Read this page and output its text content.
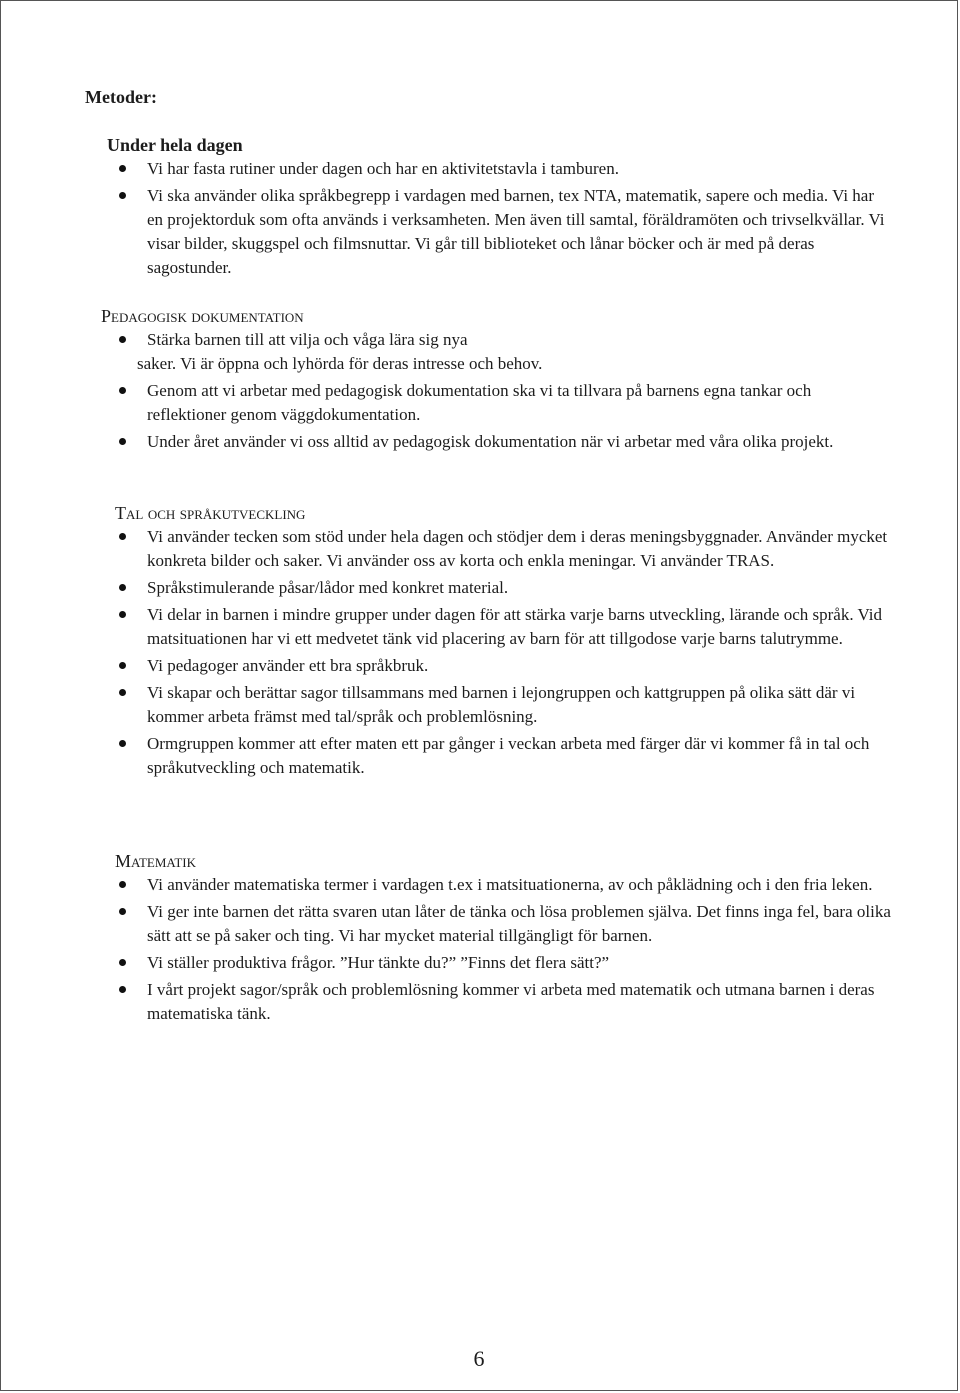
Metoder:
Under hela dagen
Vi har fasta rutiner under dagen och har en aktivitetstavla i tamburen.
Vi ska använder olika språkbegrepp i vardagen med barnen, tex NTA, matematik, sapere och media. Vi har en projektorduk som ofta används i verksamheten. Men även till samtal, föräldramöten och trivselkvällar. Vi visar bilder, skuggspel och filmsnuttar. Vi går till biblioteket och lånar böcker och är med på deras sagostunder.
Pedagogisk dokumentation
Stärka barnen till att vilja och våga lära sig nya
saker. Vi är öppna och lyhörda för deras intresse och behov.
Genom att vi arbetar med pedagogisk dokumentation ska vi ta tillvara på barnens egna tankar och reflektioner genom väggdokumentation.
Under året använder vi oss alltid av pedagogisk dokumentation när vi arbetar med våra olika projekt.
Tal och språkutveckling
Vi använder tecken som stöd under hela dagen och stödjer dem i deras meningsbyggnader. Använder mycket konkreta bilder och saker. Vi använder oss av korta och enkla meningar. Vi använder TRAS.
Språkstimulerande påsar/lådor med konkret material.
Vi delar in barnen i mindre grupper under dagen för att stärka varje barns utveckling, lärande och språk. Vid matsituationen har vi ett medvetet tänk vid placering av barn för att tillgodose varje barns talutrymme.
Vi pedagoger använder ett bra språkbruk.
Vi skapar och berättar sagor tillsammans med barnen i lejongruppen och kattgruppen på olika sätt där vi kommer arbeta främst med tal/språk och problemlösning.
Ormgruppen kommer att efter maten ett par gånger i veckan arbeta med färger där vi kommer få in tal och språkutveckling och matematik.
Matematik
Vi använder matematiska termer i vardagen t.ex i matsituationerna, av och påklädning och i den fria leken.
Vi ger inte barnen det rätta svaren utan låter de tänka och lösa problemen själva. Det finns inga fel, bara olika sätt att se på saker och ting. Vi har mycket material tillgängligt för barnen.
Vi ställer produktiva frågor. ”Hur tänkte du?” ”Finns det flera sätt?”
I vårt projekt sagor/språk och problemlösning kommer vi arbeta med matematik och utmana barnen i deras matematiska tänk.
6
